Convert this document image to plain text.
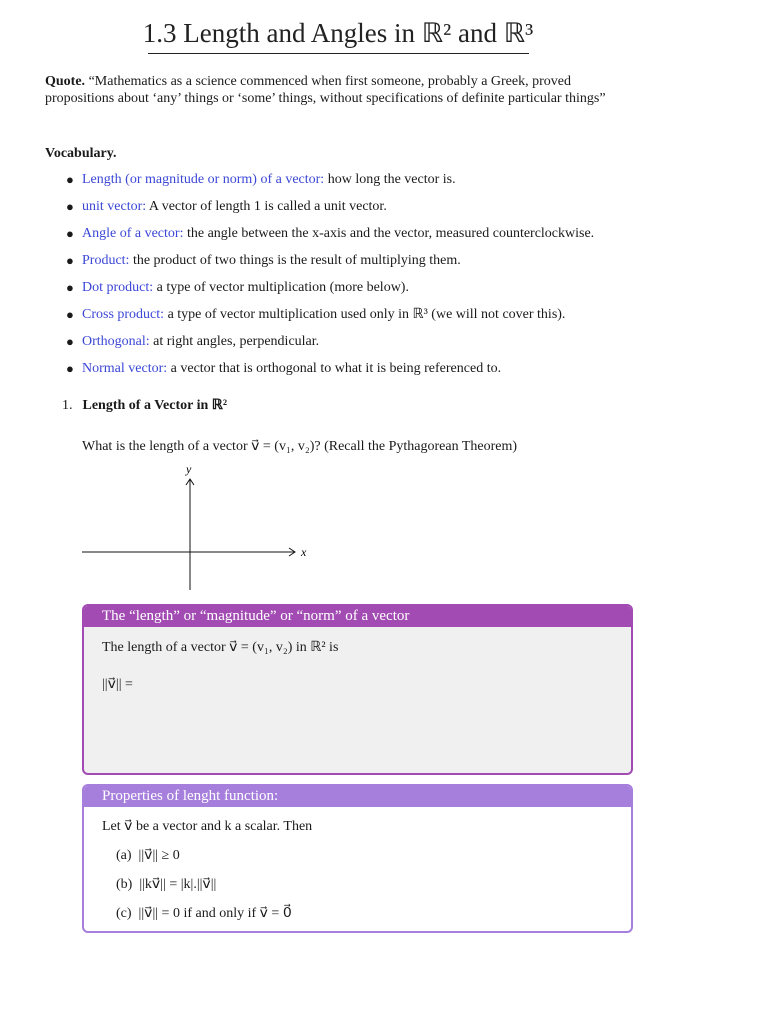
1.3 Length and Angles in ℝ² and ℝ³
Quote. “Mathematics as a science commenced when first someone, probably a Greek, proved propositions about ‘any’ things or ‘some’ things, without specifications of definite particular things”
Vocabulary.
● Length (or magnitude or norm) of a vector: how long the vector is.
● unit vector: A vector of length 1 is called a unit vector.
● Angle of a vector: the angle between the x-axis and the vector, measured counterclockwise.
● Product: the product of two things is the result of multiplying them.
● Dot product: a type of vector multiplication (more below).
● Cross product: a type of vector multiplication used only in ℝ³ (we will not cover this).
● Orthogonal: at right angles, perpendicular.
● Normal vector: a vector that is orthogonal to what it is being referenced to.
1. Length of a Vector in ℝ²
What is the length of a vector v⃗ = (v₁, v₂)? (Recall the Pythagorean Theorem)
x
y
The “length” or “magnitude” or “norm” of a vector
The length of a vector v⃗ = (v₁, v₂) in ℝ² is
||v⃗|| =
Properties of lenght function:
Let v⃗ be a vector and k a scalar. Then
(a) ||v⃗|| ≥ 0
(b) ||kv⃗|| = |k|.||v⃗||
(c) ||v⃗|| = 0 if and only if v⃗ = 0⃗
